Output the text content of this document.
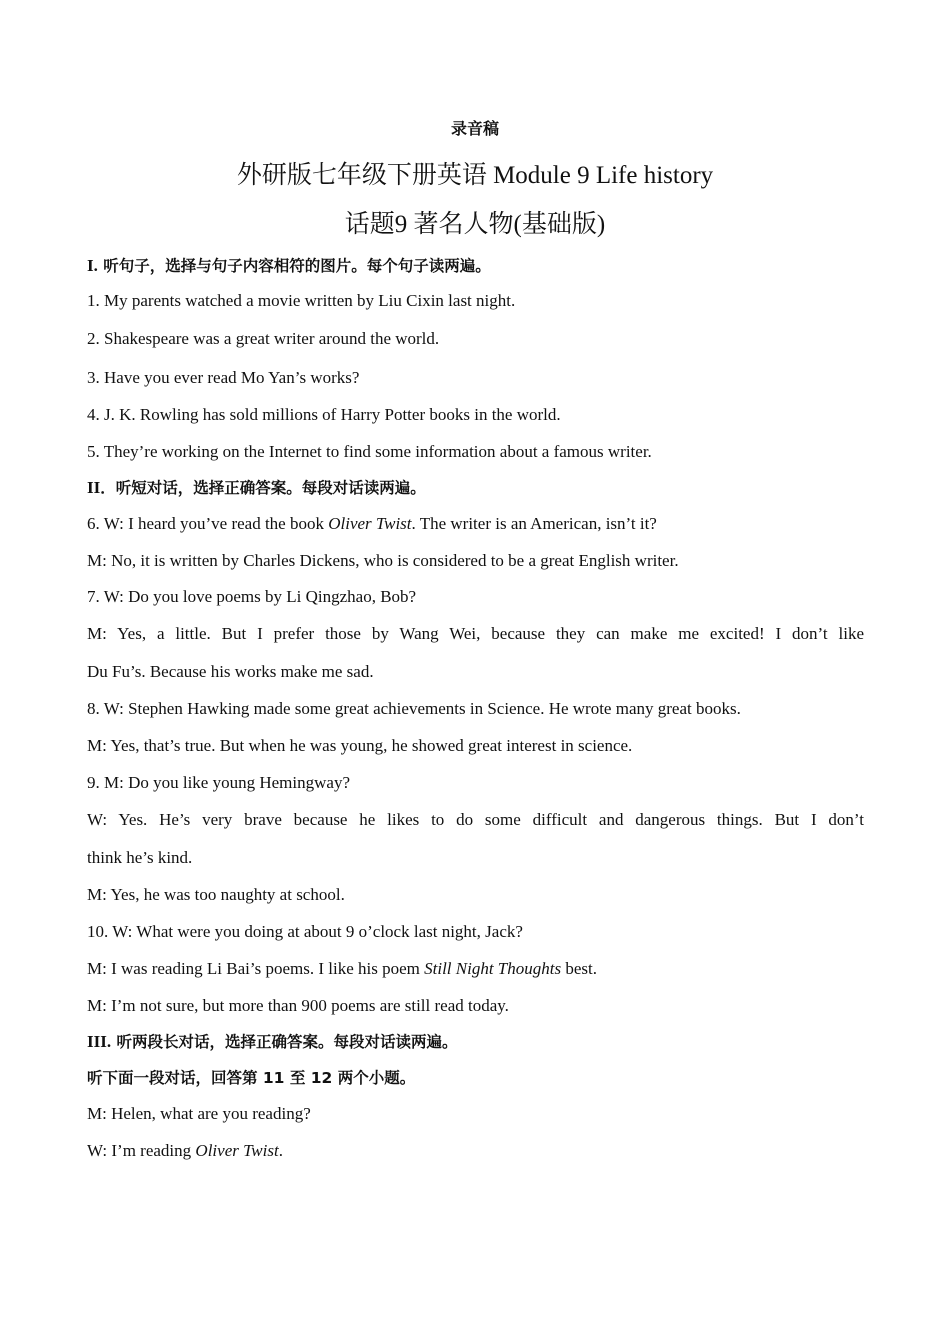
录音稿
外研版七年级下册英语 Module 9 Life history
话题9 著名人物(基础版)
I. 听句子，选择与句子内容相符的图片。每个句子读两遍。
1. My parents watched a movie written by Liu Cixin last night.
2. Shakespeare was a great writer around the world.
3. Have you ever read Mo Yan’s works?
4. J. K. Rowling has sold millions of Harry Potter books in the world.
5. They’re working on the Internet to find some information about a famous writer.
II．听短对话，选择正确答案。每段对话读两遍。
6. W: I heard you’ve read the book Oliver Twist. The writer is an American, isn’t it?
M: No, it is written by Charles Dickens, who is considered to be a great English writer.
7. W: Do you love poems by Li Qingzhao, Bob?
M: Yes, a little. But I prefer those by Wang Wei, because they can make me excited! I don’t like
Du Fu’s. Because his works make me sad.
8. W: Stephen Hawking made some great achievements in Science. He wrote many great books.
M: Yes, that’s true. But when he was young, he showed great interest in science.
9. M: Do you like young Hemingway?
W: Yes. He’s very brave because he likes to do some difficult and dangerous things. But I don’t
think he’s kind.
M: Yes, he was too naughty at school.
10. W: What were you doing at about 9 o’clock last night, Jack?
M: I was reading Li Bai’s poems. I like his poem Still Night Thoughts best.
M: I’m not sure, but more than 900 poems are still read today.
III. 听两段长对话，选择正确答案。每段对话读两遍。
听下面一段对话，回答第 11 至 12 两个小题。
M: Helen, what are you reading?
W: I’m reading Oliver Twist.
